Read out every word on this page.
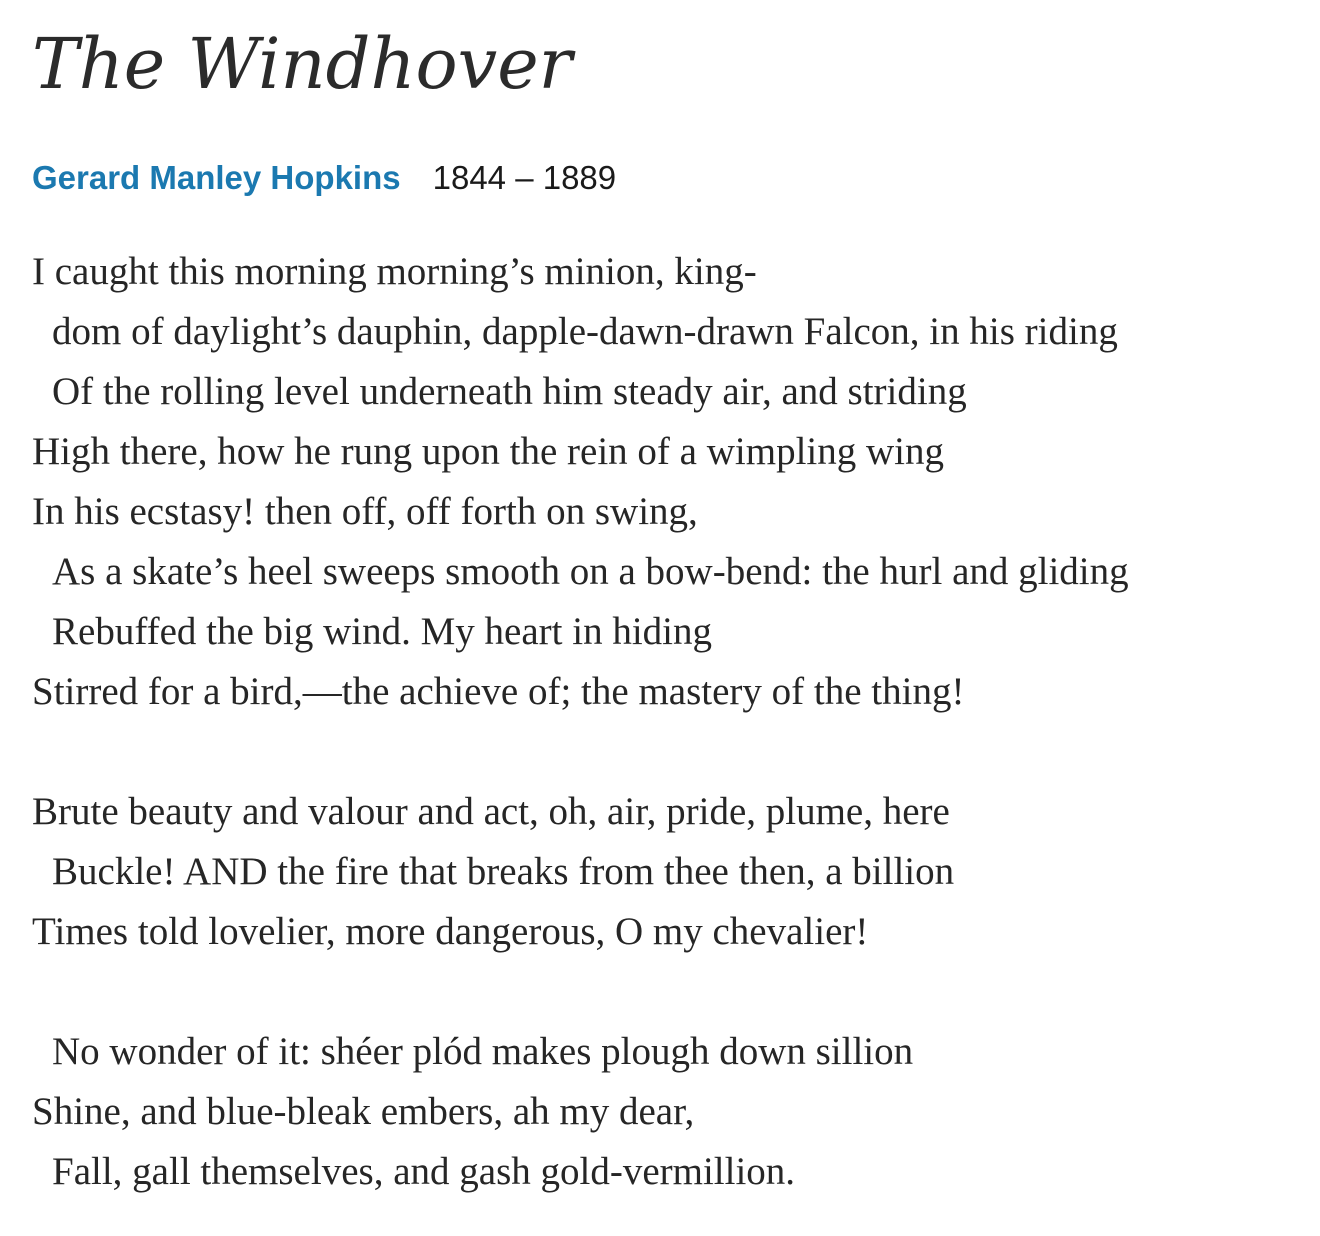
The Windhover
Gerard Manley Hopkins 1844 – 1889
I caught this morning morning’s minion, king-
dom of daylight’s dauphin, dapple-dawn-drawn Falcon, in his riding
Of the rolling level underneath him steady air, and striding
High there, how he rung upon the rein of a wimpling wing
In his ecstasy! then off, off forth on swing,
As a skate’s heel sweeps smooth on a bow-bend: the hurl and gliding
Rebuffed the big wind. My heart in hiding
Stirred for a bird,—the achieve of; the mastery of the thing!
Brute beauty and valour and act, oh, air, pride, plume, here
Buckle! AND the fire that breaks from thee then, a billion
Times told lovelier, more dangerous, O my chevalier!
No wonder of it: shéer plód makes plough down sillion
Shine, and blue-bleak embers, ah my dear,
Fall, gall themselves, and gash gold-vermillion.
